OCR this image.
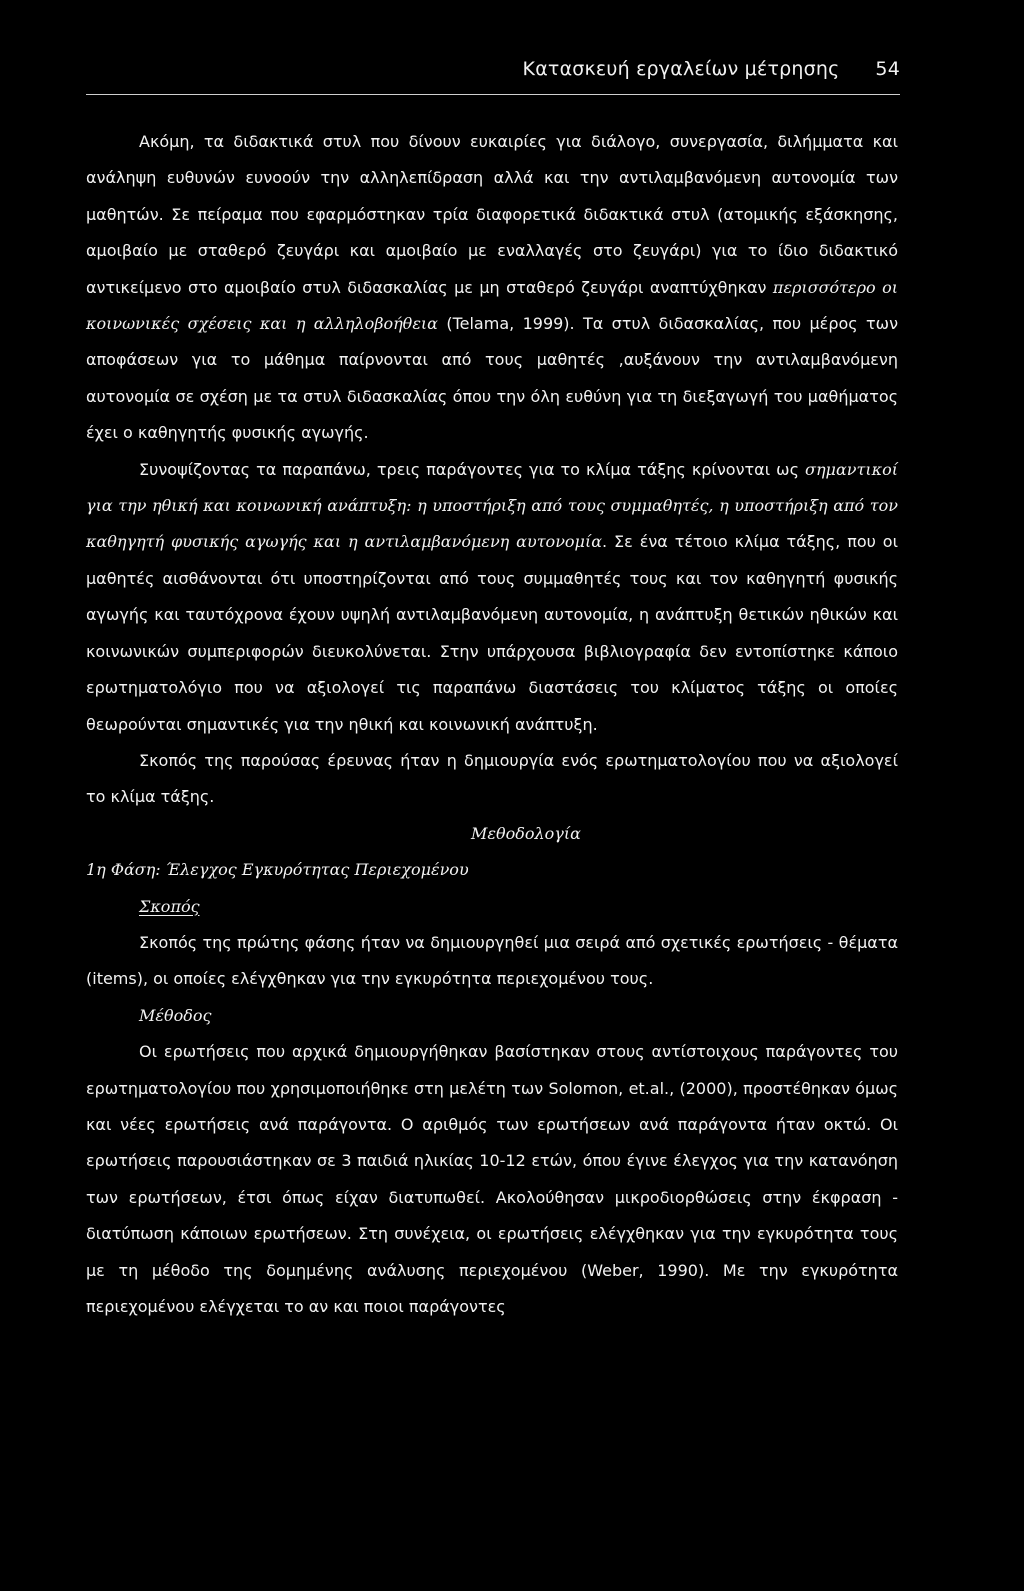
Κατασκευή εργαλείων μέτρησης 54

Ακόμη, τα διδακτικά στυλ που δίνουν ευκαιρίες για διάλογο, συνεργασία, διλήμματα και ανάληψη ευθυνών ευνοούν την αλληλεπίδραση αλλά και την αντιλαμβανόμενη αυτονομία των μαθητών. Σε πείραμα που εφαρμόστηκαν τρία διαφορετικά διδακτικά στυλ (ατομικής εξάσκησης, αμοιβαίο με σταθερό ζευγάρι και αμοιβαίο με εναλλαγές στο ζευγάρι) για το ίδιο διδακτικό αντικείμενο στο αμοιβαίο στυλ διδασκαλίας με μη σταθερό ζευγάρι αναπτύχθηκαν περισσότερο οι κοινωνικές σχέσεις και η αλληλοβοήθεια (Telama, 1999). Τα στυλ διδασκαλίας, που μέρος των αποφάσεων για το μάθημα παίρνονται από τους μαθητές ,αυξάνουν την αντιλαμβανόμενη αυτονομία σε σχέση με τα στυλ διδασκαλίας όπου την όλη ευθύνη για τη διεξαγωγή του μαθήματος έχει ο καθηγητής φυσικής αγωγής.

Συνοψίζοντας τα παραπάνω, τρεις παράγοντες για το κλίμα τάξης κρίνονται ως σημαντικοί για την ηθική και κοινωνική ανάπτυξη: η υποστήριξη από τους συμμαθητές, η υποστήριξη από τον καθηγητή φυσικής αγωγής και η αντιλαμβανόμενη αυτονομία. Σε ένα τέτοιο κλίμα τάξης, που οι μαθητές αισθάνονται ότι υποστηρίζονται από τους συμμαθητές τους και τον καθηγητή φυσικής αγωγής και ταυτόχρονα έχουν υψηλή αντιλαμβανόμενη αυτονομία, η ανάπτυξη θετικών ηθικών και κοινωνικών συμπεριφορών διευκολύνεται. Στην υπάρχουσα βιβλιογραφία δεν εντοπίστηκε κάποιο ερωτηματολόγιο που να αξιολογεί τις παραπάνω διαστάσεις του κλίματος τάξης οι οποίες θεωρούνται σημαντικές για την ηθική και κοινωνική ανάπτυξη.

Σκοπός της παρούσας έρευνας ήταν η δημιουργία ενός ερωτηματολογίου που να αξιολογεί το κλίμα τάξης.

Μεθοδολογία

1η Φάση: Έλεγχος Εγκυρότητας Περιεχομένου

Σκοπός

Σκοπός της πρώτης φάσης ήταν να δημιουργηθεί μια σειρά από σχετικές ερωτήσεις - θέματα (items), οι οποίες ελέγχθηκαν για την εγκυρότητα περιεχομένου τους.

Μέθοδος

Οι ερωτήσεις που αρχικά δημιουργήθηκαν βασίστηκαν στους αντίστοιχους παράγοντες του ερωτηματολογίου που χρησιμοποιήθηκε στη μελέτη των Solomon, et.al., (2000), προστέθηκαν όμως και νέες ερωτήσεις ανά παράγοντα. Ο αριθμός των ερωτήσεων ανά παράγοντα ήταν οκτώ. Οι ερωτήσεις παρουσιάστηκαν σε 3 παιδιά ηλικίας 10-12 ετών, όπου έγινε έλεγχος για την κατανόηση των ερωτήσεων, έτσι όπως είχαν διατυπωθεί. Ακολούθησαν μικροδιορθώσεις στην έκφραση - διατύπωση κάποιων ερωτήσεων. Στη συνέχεια, οι ερωτήσεις ελέγχθηκαν για την εγκυρότητα τους με τη μέθοδο της δομημένης ανάλυσης περιεχομένου (Weber, 1990). Με την εγκυρότητα περιεχομένου ελέγχεται το αν και ποιοι παράγοντες
